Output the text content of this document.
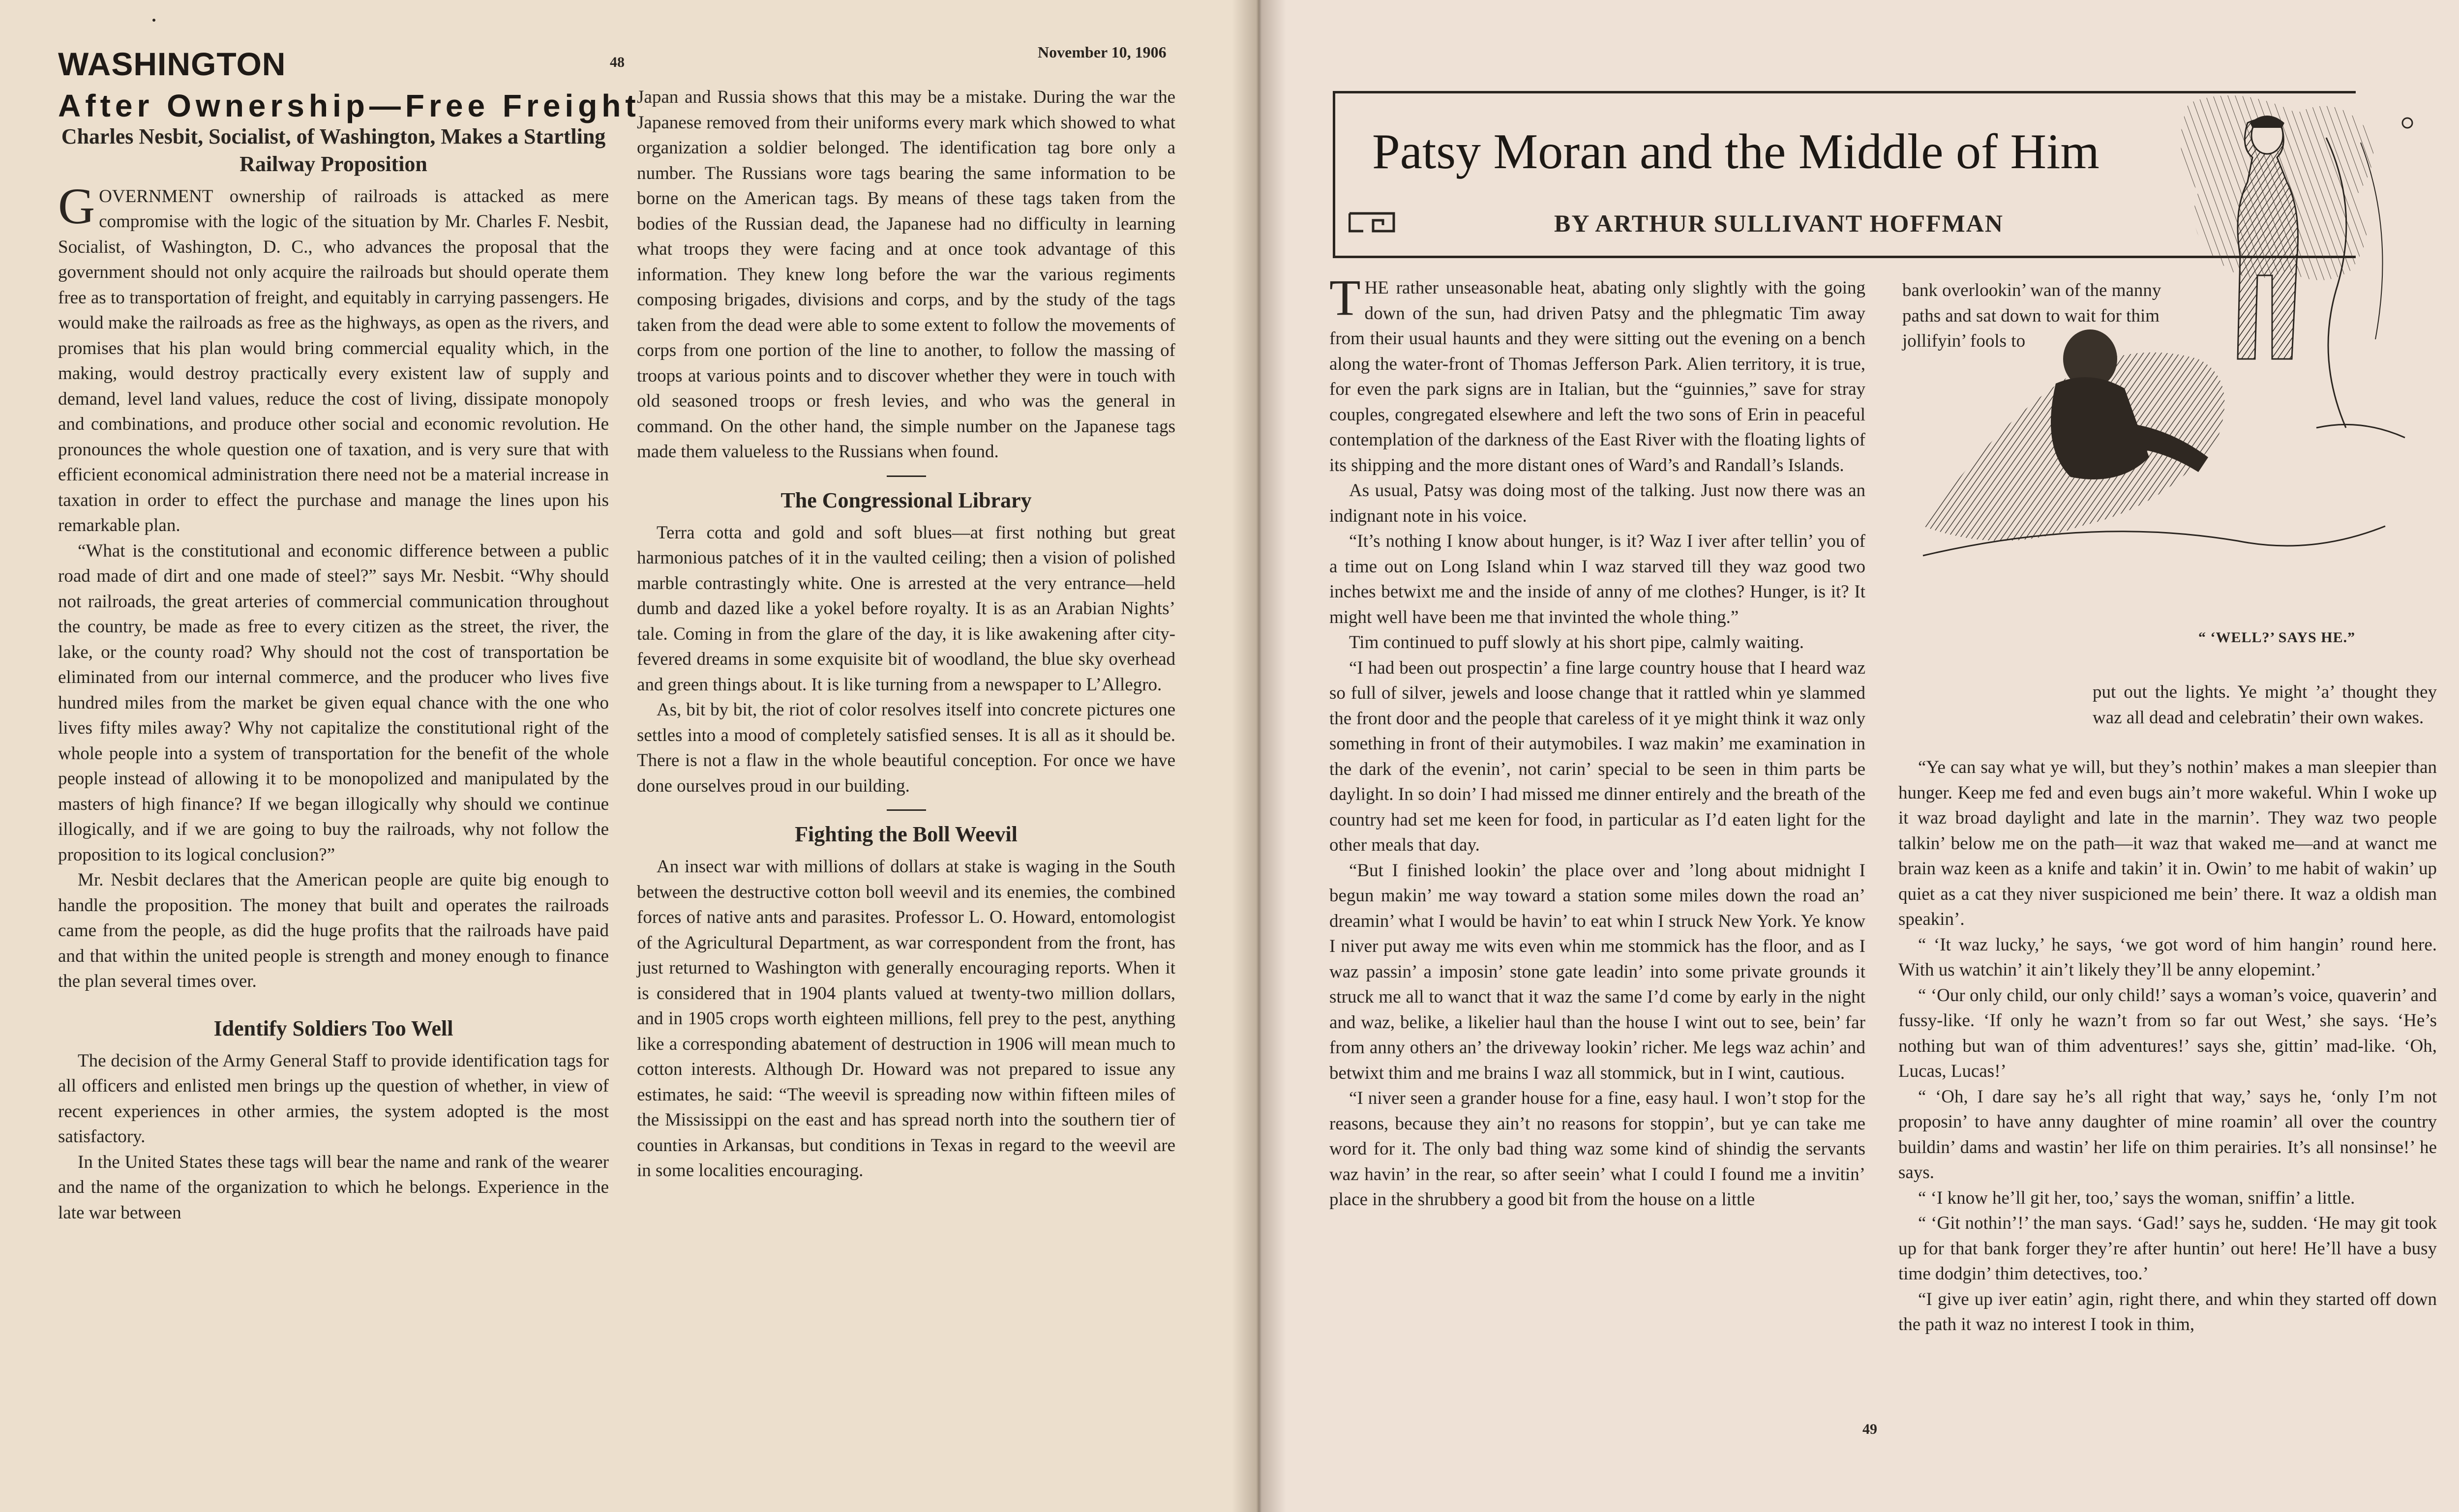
WASHINGTON	48
November 10, 1906
After Ownership—Free Freight
Charles Nesbit, Socialist, of Washington, Makes a Startling Railway Proposition

GOVERNMENT ownership of railroads is attacked as mere compromise with the logic of the situation by Mr. Charles F. Nesbit, Socialist, of Washington, D. C., who advances the proposal that the government should not only acquire the railroads but should operate them free as to transportation of freight, and equitably in carrying passengers. He would make the railroads as free as the highways, as open as the rivers, and promises that his plan would bring commercial equality which, in the making, would destroy practically every existent law of supply and demand, level land values, reduce the cost of living, dissipate monopoly and combinations, and produce other social and economic revolution. He pronounces the whole question one of taxation, and is very sure that with efficient economical administration there need not be a material increase in taxation in order to effect the purchase and manage the lines upon his remarkable plan.

“What is the constitutional and economic difference between a public road made of dirt and one made of steel?” says Mr. Nesbit. “Why should not railroads, the great arteries of commercial communication throughout the country, be made as free to every citizen as the street, the river, the lake, or the county road? Why should not the cost of transportation be eliminated from our internal commerce, and the producer who lives five hundred miles from the market be given equal chance with the one who lives fifty miles away? Why not capitalize the constitutional right of the whole people into a system of transportation for the benefit of the whole people instead of allowing it to be monopolized and manipulated by the masters of high finance? If we began illogically why should we continue illogically, and if we are going to buy the railroads, why not follow the proposition to its logical conclusion?”

Mr. Nesbit declares that the American people are quite big enough to handle the proposition. The money that built and operates the railroads came from the people, as did the huge profits that the railroads have paid and that within the united people is strength and money enough to finance the plan several times over.

Identify Soldiers Too Well

The decision of the Army General Staff to provide identification tags for all officers and enlisted men brings up the question of whether, in view of recent experiences in other armies, the system adopted is the most satisfactory.

In the United States these tags will bear the name and rank of the wearer and the name of the organization to which he belongs. Experience in the late war between

Japan and Russia shows that this may be a mistake. During the war the Japanese removed from their uniforms every mark which showed to what organization a soldier belonged. The identification tag bore only a number. The Russians wore tags bearing the same information to be borne on the American tags. By means of these tags taken from the bodies of the Russian dead, the Japanese had no difficulty in learning what troops they were facing and at once took advantage of this information. They knew long before the war the various regiments composing brigades, divisions and corps, and by the study of the tags taken from the dead were able to some extent to follow the movements of corps from one portion of the line to another, to follow the massing of troops at various points and to discover whether they were in touch with old seasoned troops or fresh levies, and who was the general in command. On the other hand, the simple number on the Japanese tags made them valueless to the Russians when found.

The Congressional Library

Terra cotta and gold and soft blues—at first nothing but great harmonious patches of it in the vaulted ceiling; then a vision of polished marble contrastingly white. One is arrested at the very entrance—held dumb and dazed like a yokel before royalty. It is as an Arabian Nights’ tale. Coming in from the glare of the day, it is like awakening after city-fevered dreams in some exquisite bit of woodland, the blue sky overhead and green things about. It is like turning from a newspaper to L’Allegro.

As, bit by bit, the riot of color resolves itself into concrete pictures one settles into a mood of completely satisfied senses. It is all as it should be. There is not a flaw in the whole beautiful conception. For once we have done ourselves proud in our building.

Fighting the Boll Weevil

An insect war with millions of dollars at stake is waging in the South between the destructive cotton boll weevil and its enemies, the combined forces of native ants and parasites. Professor L. O. Howard, entomologist of the Agricultural Department, as war correspondent from the front, has just returned to Washington with generally encouraging reports. When it is considered that in 1904 plants valued at twenty-two million dollars, and in 1905 crops worth eighteen millions, fell prey to the pest, anything like a corresponding abatement of destruction in 1906 will mean much to cotton interests. Although Dr. Howard was not prepared to issue any estimates, he said: “The weevil is spreading now within fifteen miles of the Mississippi on the east and has spread north into the southern tier of counties in Arkansas, but conditions in Texas in regard to the weevil are in some localities encouraging.

Patsy Moran and the Middle of Him
BY ARTHUR SULLIVANT HOFFMAN
“ ‘WELL?’ SAYS HE.”

THE rather unseasonable heat, abating only slightly with the going down of the sun, had driven Patsy and the phlegmatic Tim away from their usual haunts and they were sitting out the evening on a bench along the water-front of Thomas Jefferson Park. Alien territory, it is true, for even the park signs are in Italian, but the “guinnies,” save for stray couples, congregated elsewhere and left the two sons of Erin in peaceful contemplation of the darkness of the East River with the floating lights of its shipping and the more distant ones of Ward’s and Randall’s Islands.

As usual, Patsy was doing most of the talking. Just now there was an indignant note in his voice.

“It’s nothing I know about hunger, is it? Waz I iver after tellin’ you of a time out on Long Island whin I waz starved till they waz good two inches betwixt me and the inside of anny of me clothes? Hunger, is it? It might well have been me that invinted the whole thing.”

Tim continued to puff slowly at his short pipe, calmly waiting.

“I had been out prospectin’ a fine large country house that I heard waz so full of silver, jewels and loose change that it rattled whin ye slammed the front door and the people that careless of it ye might think it waz only something in front of their autymobiles. I waz makin’ me examination in the dark of the evenin’, not carin’ special to be seen in thim parts be daylight. In so doin’ I had missed me dinner entirely and the breath of the country had set me keen for food, in particular as I’d eaten light for the other meals that day.

“But I finished lookin’ the place over and ’long about midnight I begun makin’ me way toward a station some miles down the road an’ dreamin’ what I would be havin’ to eat whin I struck New York. Ye know I niver put away me wits even whin me stommick has the floor, and as I waz passin’ a imposin’ stone gate leadin’ into some private grounds it struck me all to wanct that it waz the same I’d come by early in the night and waz, belike, a likelier haul than the house I wint out to see, bein’ far from anny others an’ the driveway lookin’ richer. Me legs waz achin’ and betwixt thim and me brains I waz all stommick, but in I wint, cautious.

“I niver seen a grander house for a fine, easy haul. I won’t stop for the reasons, because they ain’t no reasons for stoppin’, but ye can take me word for it. The only bad thing waz some kind of shindig the servants waz havin’ in the rear, so after seein’ what I could I found me a invitin’ place in the shrubbery a good bit from the house on a little

bank overlookin’ wan of the manny paths and sat down to wait for thim jollifyin’ fools to

put out the lights. Ye might ’a’ thought they waz all dead and celebratin’ their own wakes.

“Ye can say what ye will, but they’s nothin’ makes a man sleepier than hunger. Keep me fed and even bugs ain’t more wakeful. Whin I woke up it waz broad daylight and late in the marnin’. They waz two people talkin’ below me on the path—it waz that waked me—and at wanct me brain waz keen as a knife and takin’ it in. Owin’ to me habit of wakin’ up quiet as a cat they niver suspicioned me bein’ there. It waz a oldish man speakin’.

“ ‘It waz lucky,’ he says, ‘we got word of him hangin’ round here. With us watchin’ it ain’t likely they’ll be anny elopemint.’

“ ‘Our only child, our only child!’ says a woman’s voice, quaverin’ and fussy-like. ‘If only he wazn’t from so far out West,’ she says. ‘He’s nothing but wan of thim adventures!’ says she, gittin’ mad-like. ‘Oh, Lucas, Lucas!’

“ ‘Oh, I dare say he’s all right that way,’ says he, ‘only I’m not proposin’ to have anny daughter of mine roamin’ all over the country buildin’ dams and wastin’ her life on thim perairies. It’s all nonsinse!’ he says.

“ ‘I know he’ll git her, too,’ says the woman, sniffin’ a little.

“ ‘Git nothin’!’ the man says. ‘Gad!’ says he, sudden. ‘He may git took up for that bank forger they’re after huntin’ out here! He’ll have a busy time dodgin’ thim detectives, too.’

“I give up iver eatin’ agin, right there, and whin they started off down the path it waz no interest I took in thim,

49
